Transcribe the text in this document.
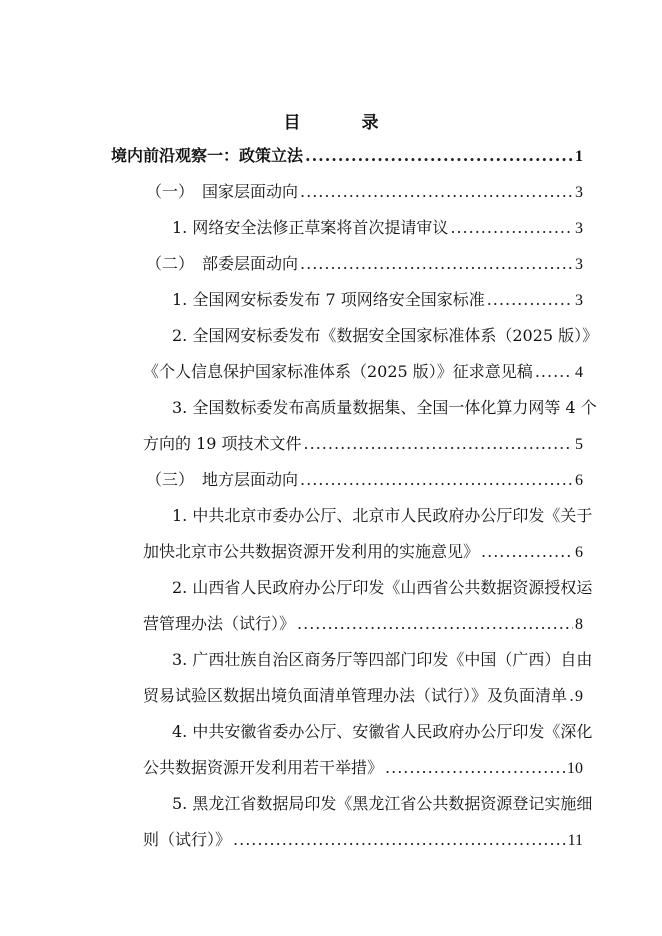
目　录
境内前沿观察一：政策立法 .....	1
（一）　国家层面动向 .....	3
1. 网络安全法修正草案将首次提请审议 .....	3
（二）　部委层面动向 .....	3
1. 全国网安标委发布 7 项网络安全国家标准 .....	3
2. 全国网安标委发布《数据安全国家标准体系（2025 版）》
《个人信息保护国家标准体系（2025 版）》征求意见稿 .....	4
3. 全国数标委发布高质量数据集、全国一体化算力网等 4 个
方向的 19 项技术文件 .....	5
（三）　地方层面动向 .....	6
1. 中共北京市委办公厅、北京市人民政府办公厅印发《关于
加快北京市公共数据资源开发利用的实施意见》 .....	6
2. 山西省人民政府办公厅印发《山西省公共数据资源授权运
营管理办法（试行）》 .....	8
3. 广西壮族自治区商务厅等四部门印发《中国（广西）自由
贸易试验区数据出境负面清单管理办法（试行）》及负面清单 ..... 9
4. 中共安徽省委办公厅、安徽省人民政府办公厅印发《深化
公共数据资源开发利用若干举措》 .....	10
5. 黑龙江省数据局印发《黑龙江省公共数据资源登记实施细
则（试行）》 .....	11
